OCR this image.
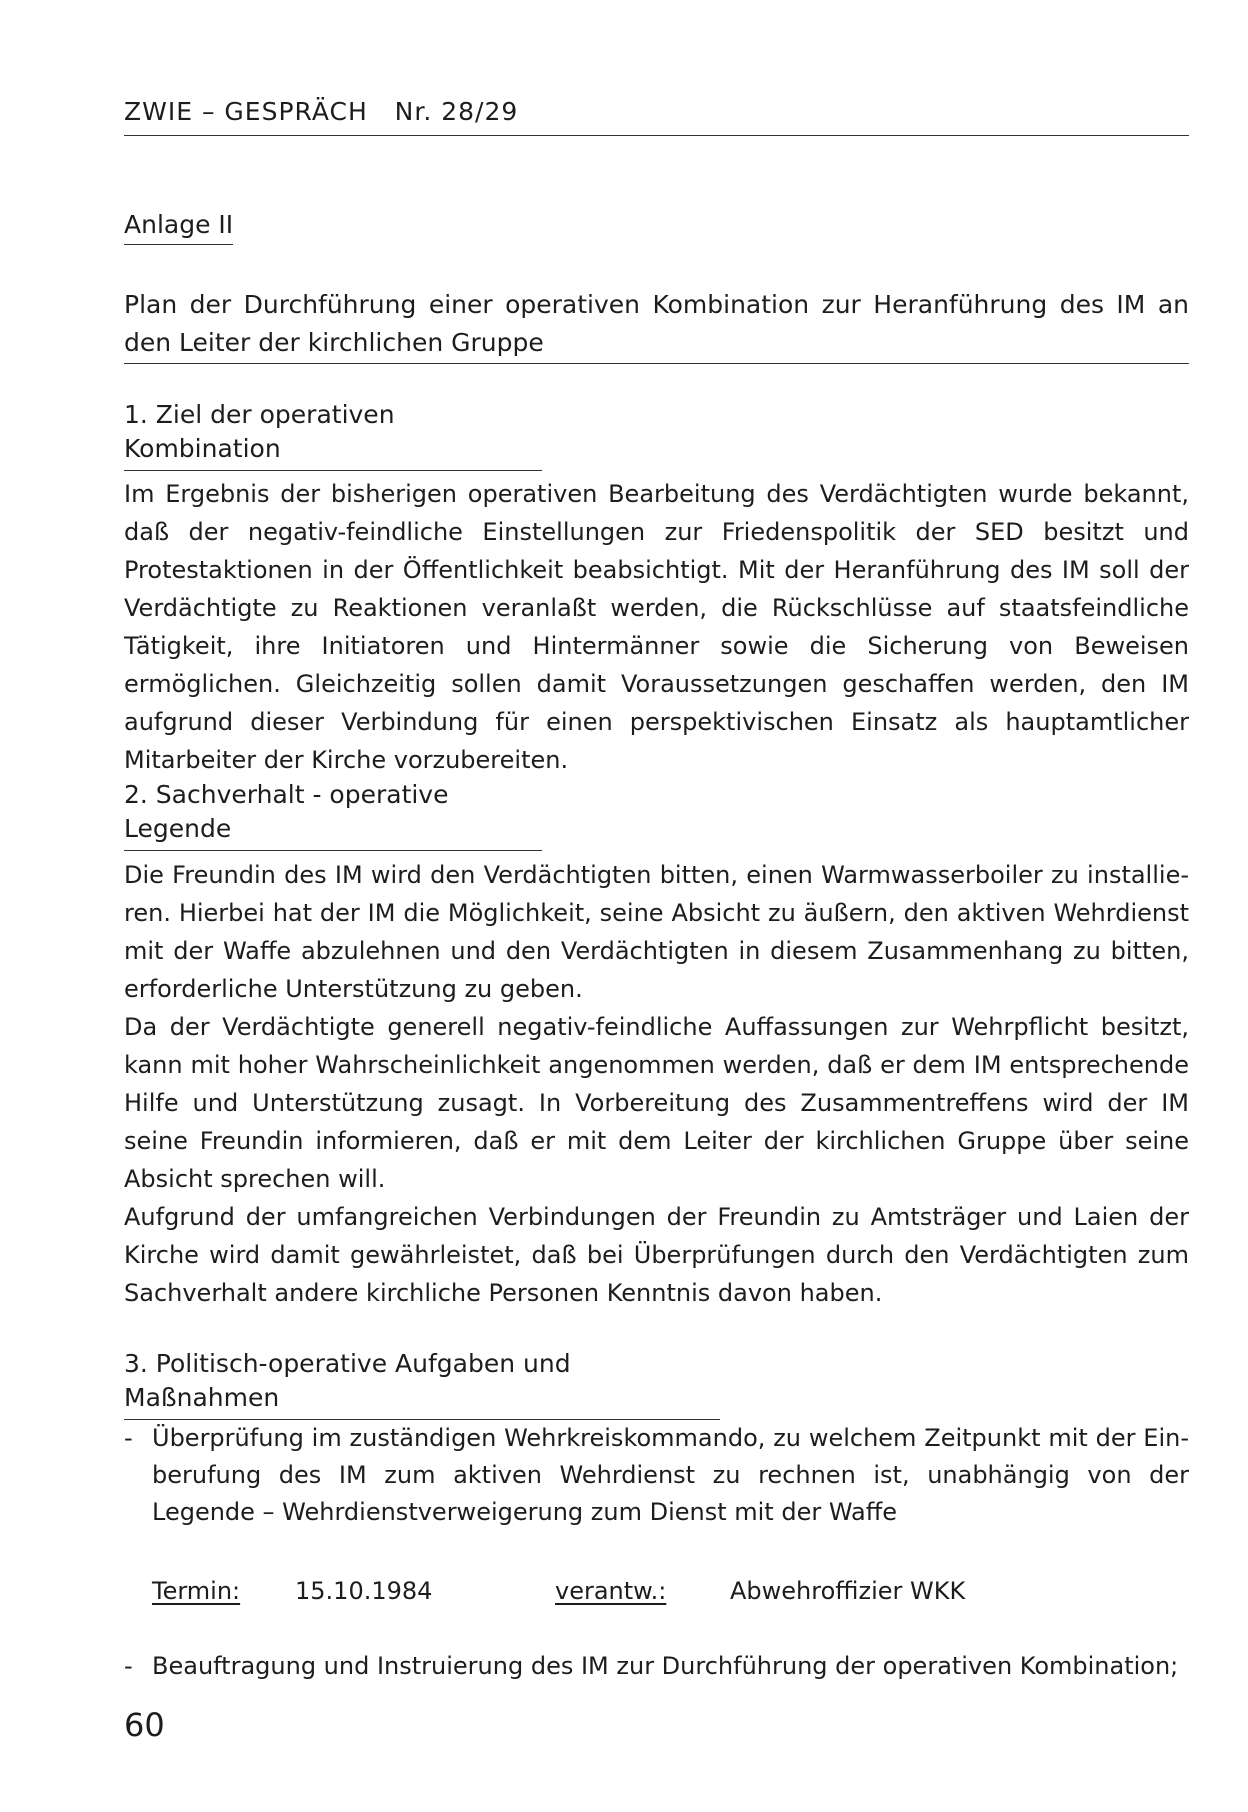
ZWIE – GESPRÄCH   Nr. 28/29
Anlage II
Plan der Durchführung einer operativen Kombination zur Heranführung des IM an den Leiter der kirchlichen Gruppe
1. Ziel der operativen Kombination

Im Ergebnis der bisherigen operativen Bearbeitung des Verdächtigten wurde bekannt, daß der negativ-feindliche Einstellungen zur Friedenspolitik der SED besitzt und Protestaktionen in der Öffentlichkeit beabsichtigt. Mit der Heranführung des IM soll der Verdächtigte zu Reaktionen veranlaßt werden, die Rückschlüsse auf staatsfeindliche Tätigkeit, ihre Initiatoren und Hintermänner sowie die Sicherung von Beweisen ermöglichen. Gleichzeitig sollen damit Voraussetzungen geschaffen werden, den IM aufgrund dieser Verbindung für einen perspektivischen Einsatz als hauptamtlicher Mitarbeiter der Kirche vorzubereiten.

2. Sachverhalt - operative Legende
Die Freundin des IM wird den Verdächtigten bitten, einen Warmwasserboiler zu installieren. Hierbei hat der IM die Möglichkeit, seine Absicht zu äußern, den aktiven Wehrdienst mit der Waffe abzulehnen und den Verdächtigten in diesem Zusammenhang zu bitten, erforderliche Unterstützung zu geben.
Da der Verdächtigte generell negativ-feindliche Auffassungen zur Wehrpflicht besitzt, kann mit hoher Wahrscheinlichkeit angenommen werden, daß er dem IM entsprechende Hilfe und Unterstützung zusagt. In Vorbereitung des Zusammentreffens wird der IM seine Freundin informieren, daß er mit dem Leiter der kirchlichen Gruppe über seine Absicht sprechen will.
Aufgrund der umfangreichen Verbindungen der Freundin zu Amtsträger und Laien der Kirche wird damit gewährleistet, daß bei Überprüfungen durch den Verdächtigten zum Sachverhalt andere kirchliche Personen Kenntnis davon haben.
3. Politisch-operative Aufgaben und Maßnahmen
- Überprüfung im zuständigen Wehrkreiskommando, zu welchem Zeitpunkt mit der Einberufung des IM zum aktiven Wehrdienst zu rechnen ist, unabhängig von der Legende – Wehrdienstverweigerung zum Dienst mit der Waffe
Termin: 15.10.1984	verantw.:	Abwehroffizier WKK
- Beauftragung und Instruierung des IM zur Durchführung der operativen Kombination;
60
